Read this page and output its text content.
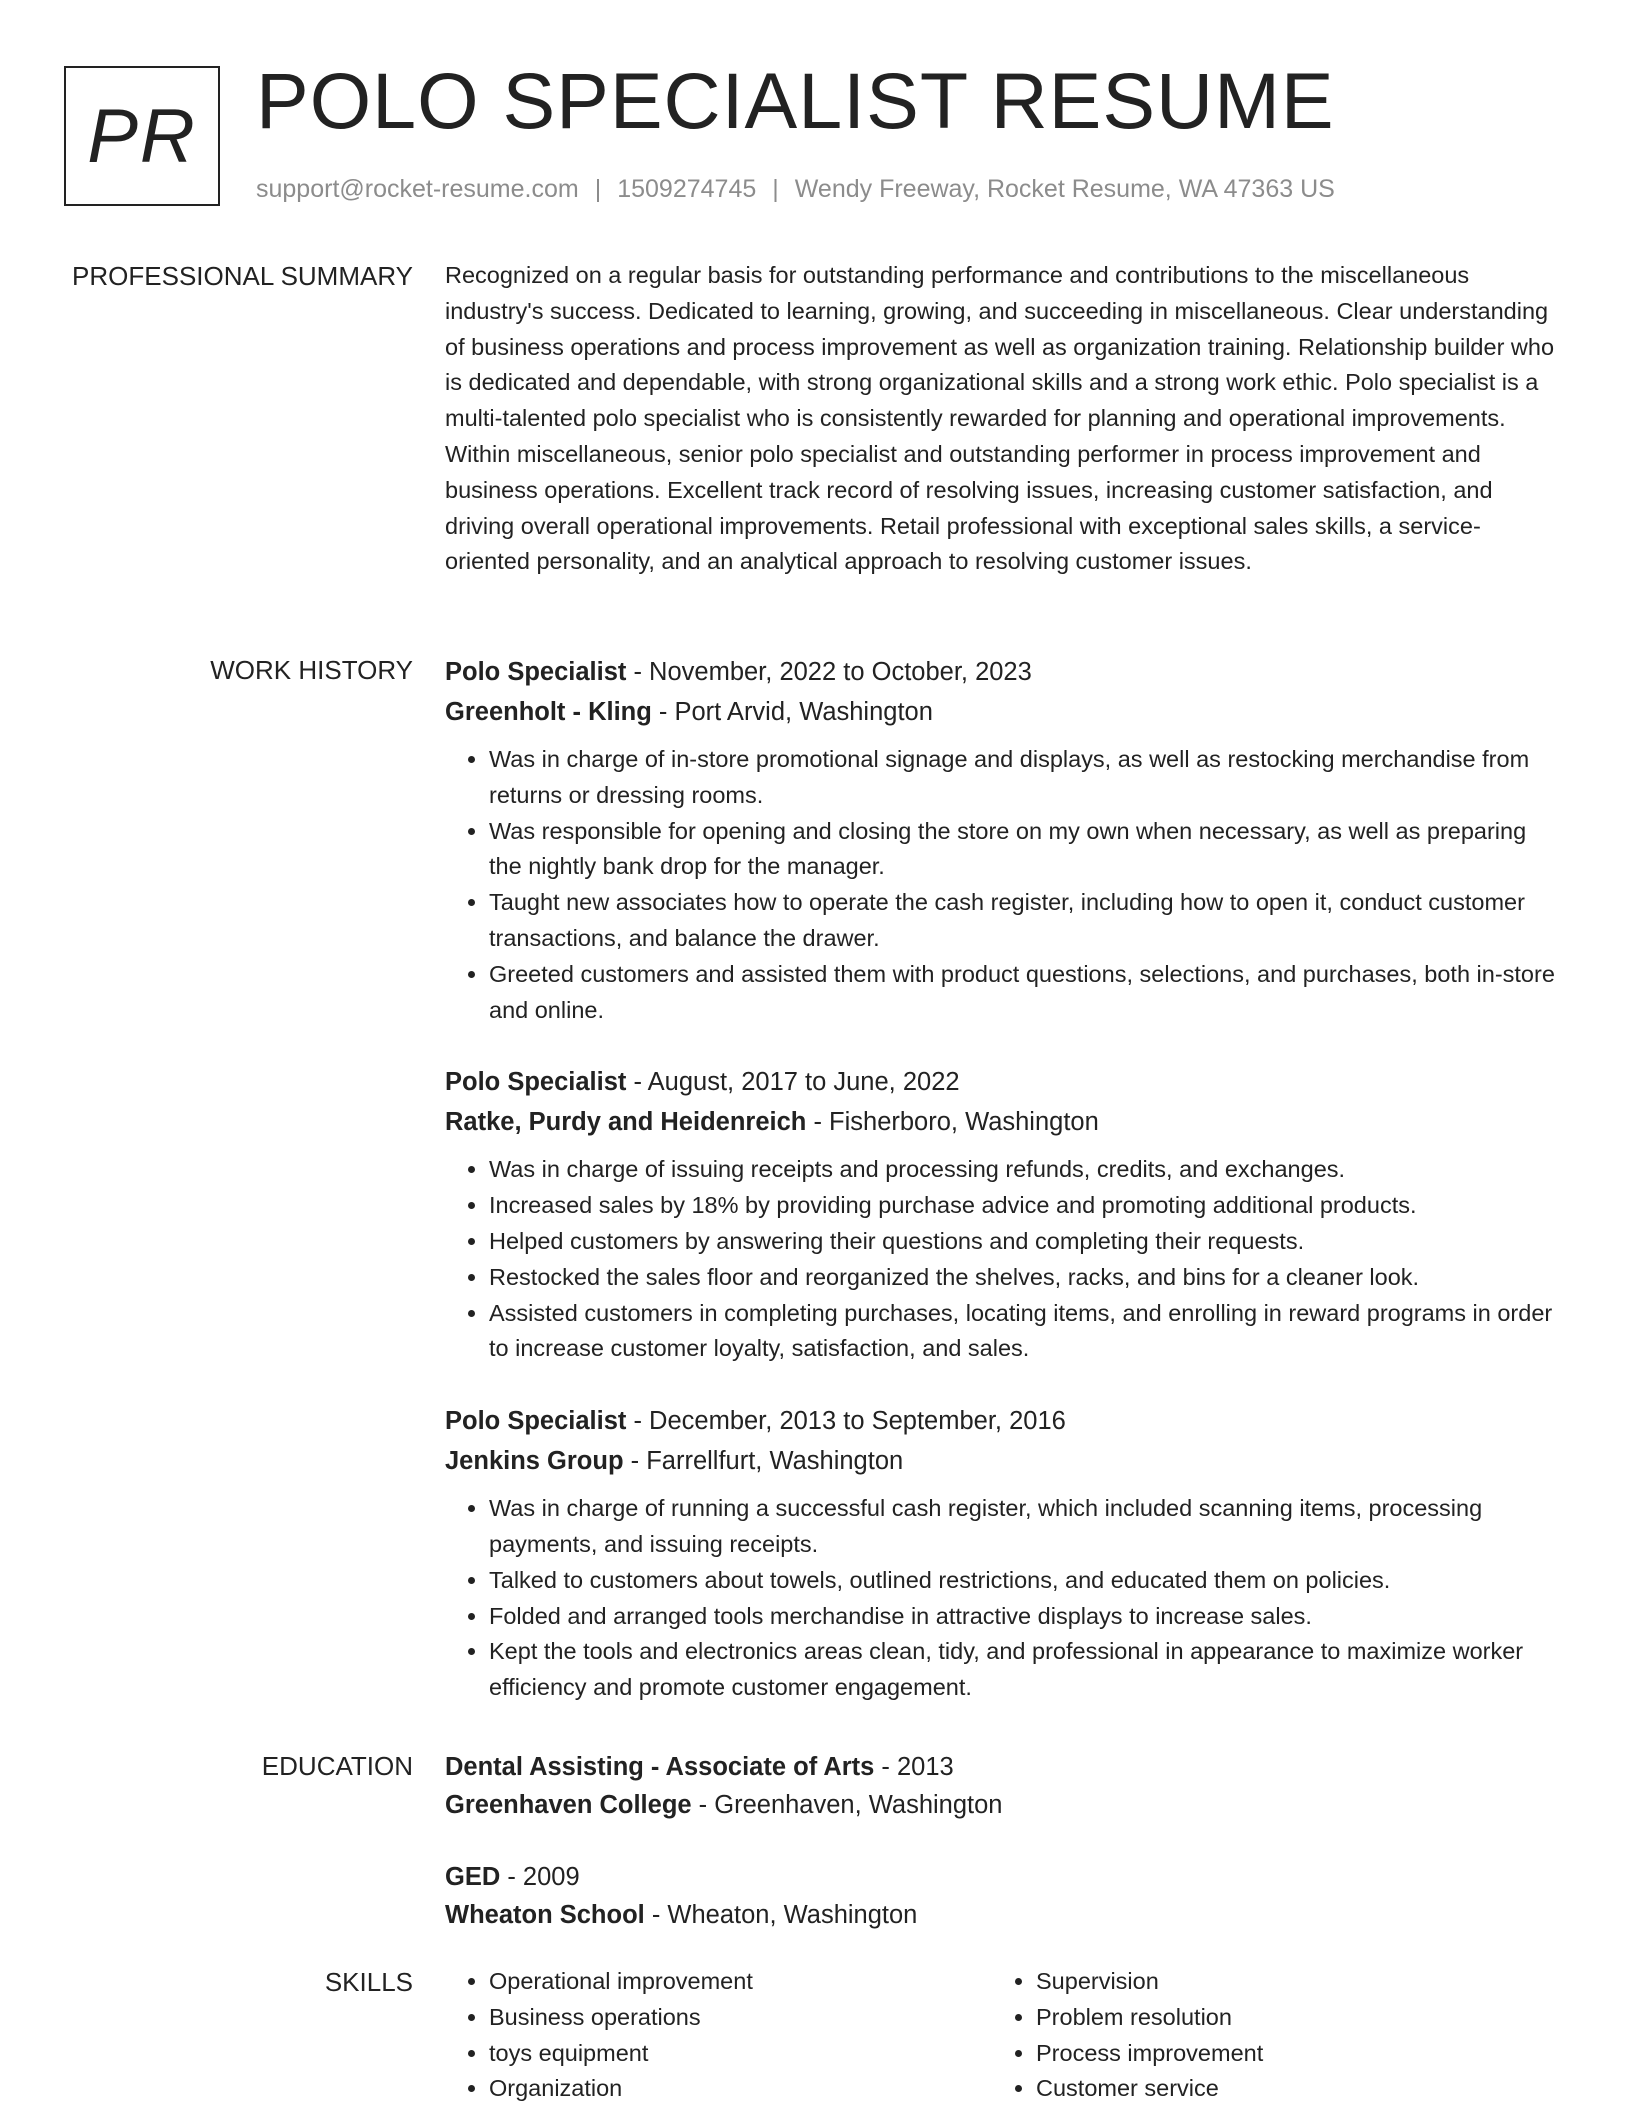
PR POLO SPECIALIST RESUME
support@rocket-resume.com | 1509274745 | Wendy Freeway, Rocket Resume, WA 47363 US
PROFESSIONAL SUMMARY Recognized on a regular basis for outstanding performance and contributions to the miscellaneous industry's success. Dedicated to learning, growing, and succeeding in miscellaneous. Clear understanding of business operations and process improvement as well as organization training. Relationship builder who is dedicated and dependable, with strong organizational skills and a strong work ethic. Polo specialist is a multi-talented polo specialist who is consistently rewarded for planning and operational improvements. Within miscellaneous, senior polo specialist and outstanding performer in process improvement and business operations. Excellent track record of resolving issues, increasing customer satisfaction, and driving overall operational improvements. Retail professional with exceptional sales skills, a service-oriented personality, and an analytical approach to resolving customer issues.

WORK HISTORY Polo Specialist - November, 2022 to October, 2023
Greenholt - Kling - Port Arvid, Washington
• Was in charge of in-store promotional signage and displays, as well as restocking merchandise from returns or dressing rooms.
• Was responsible for opening and closing the store on my own when necessary, as well as preparing the nightly bank drop for the manager.
• Taught new associates how to operate the cash register, including how to open it, conduct customer transactions, and balance the drawer.
• Greeted customers and assisted them with product questions, selections, and purchases, both in-store and online.
Polo Specialist - August, 2017 to June, 2022
Ratke, Purdy and Heidenreich - Fisherboro, Washington
• Was in charge of issuing receipts and processing refunds, credits, and exchanges.
• Increased sales by 18% by providing purchase advice and promoting additional products.
• Helped customers by answering their questions and completing their requests.
• Restocked the sales floor and reorganized the shelves, racks, and bins for a cleaner look.
• Assisted customers in completing purchases, locating items, and enrolling in reward programs in order to increase customer loyalty, satisfaction, and sales.
Polo Specialist - December, 2013 to September, 2016
Jenkins Group - Farrellfurt, Washington
• Was in charge of running a successful cash register, which included scanning items, processing payments, and issuing receipts.
• Talked to customers about towels, outlined restrictions, and educated them on policies.
• Folded and arranged tools merchandise in attractive displays to increase sales.
• Kept the tools and electronics areas clean, tidy, and professional in appearance to maximize worker efficiency and promote customer engagement.
EDUCATION Dental Assisting - Associate of Arts - 2013
Greenhaven College - Greenhaven, Washington
GED - 2009
Wheaton School - Wheaton, Washington
SKILLS
•	Operational improvement
• Business operations
• toys equipment
• Organization
• Supervision
• Problem resolution
• Process improvement
• Customer service
